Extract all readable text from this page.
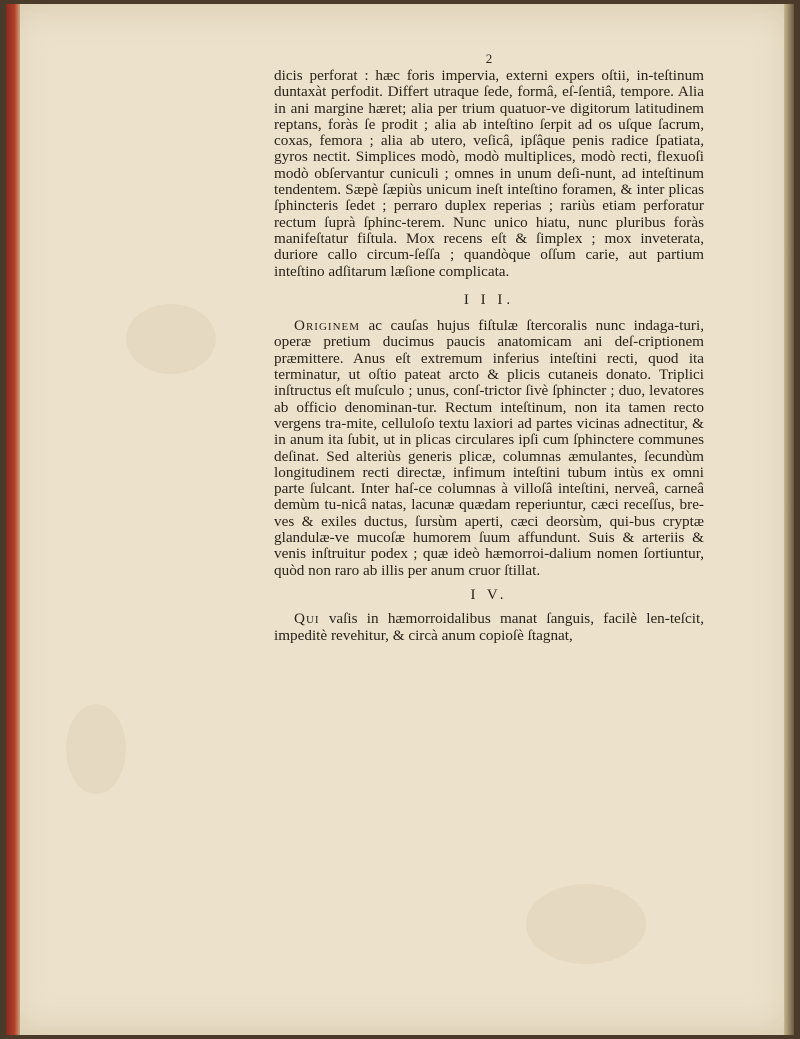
2

dicis perforat : hæc foris impervia, externi expers oſtii, in-teſtinum duntaxàt perfodit. Differt utraque ſede, formâ, eſ-ſentiâ, tempore. Alia in ani margine hæret; alia per trium quatuor-ve digitorum latitudinem reptans, foràs ſe prodit ; alia ab inteſtino ſerpit ad os uſque ſacrum, coxas, femora ; alia ab utero, veſicâ, ipſâque penis radice ſpatiata, gyros nectit. Simplices modò, modò multiplices, modò recti, flexuoſi modò obſervantur cuniculi ; omnes in unum deſi-nunt, ad inteſtinum tendentem. Sæpè ſæpiùs unicum ineſt inteſtino foramen, & inter plicas ſphincteris ſedet ; perraro duplex reperias ; rariùs etiam perforatur rectum ſuprà ſphinc-terem. Nunc unico hiatu, nunc pluribus foràs manifeſtatur fiſtula. Mox recens eſt & ſimplex ; mox inveterata, duriore callo circum-ſeſſa ; quandòque oſſum carie, aut partium inteſtino adſitarum læſione complicata.

I I I.

Originem ac cauſas hujus fiſtulæ ſtercoralis nunc indaga-turi, operæ pretium ducimus paucis anatomicam ani deſ-criptionem præmittere. Anus eſt extremum inferius inteſtini recti, quod ita terminatur, ut oſtio pateat arcto & plicis cutaneis donato. Triplici inſtructus eſt muſculo ; unus, conſ-trictor ſivè ſphincter ; duo, levatores ab officio denominan-tur. Rectum inteſtinum, non ita tamen recto vergens tra-mite, celluloſo textu laxiori ad partes vicinas adnectitur, & in anum ita ſubit, ut in plicas circulares ipſi cum ſphinctere communes deſinat. Sed alteriùs generis plicæ, columnas æmulantes, ſecundùm longitudinem recti directæ, infimum inteſtini tubum intùs ex omni parte ſulcant. Inter haſ-ce columnas à villoſâ inteſtini, nerveâ, carneâ demùm tu-nicâ natas, lacunæ quædam reperiuntur, cæci receſſus, bre-ves & exiles ductus, ſursùm aperti, cæci deorsùm, qui-bus cryptæ glandulæ-ve mucoſæ humorem ſuum affundunt. Suis & arteriis & venis inſtruitur podex ; quæ ideò hæmorroi-dalium nomen ſortiuntur, quòd non raro ab illis per anum cruor ſtillat.

I V.

Qui vaſis in hæmorroidalibus manat ſanguis, facilè len-teſcit, impeditè revehitur, & circà anum copioſè ſtagnat,
